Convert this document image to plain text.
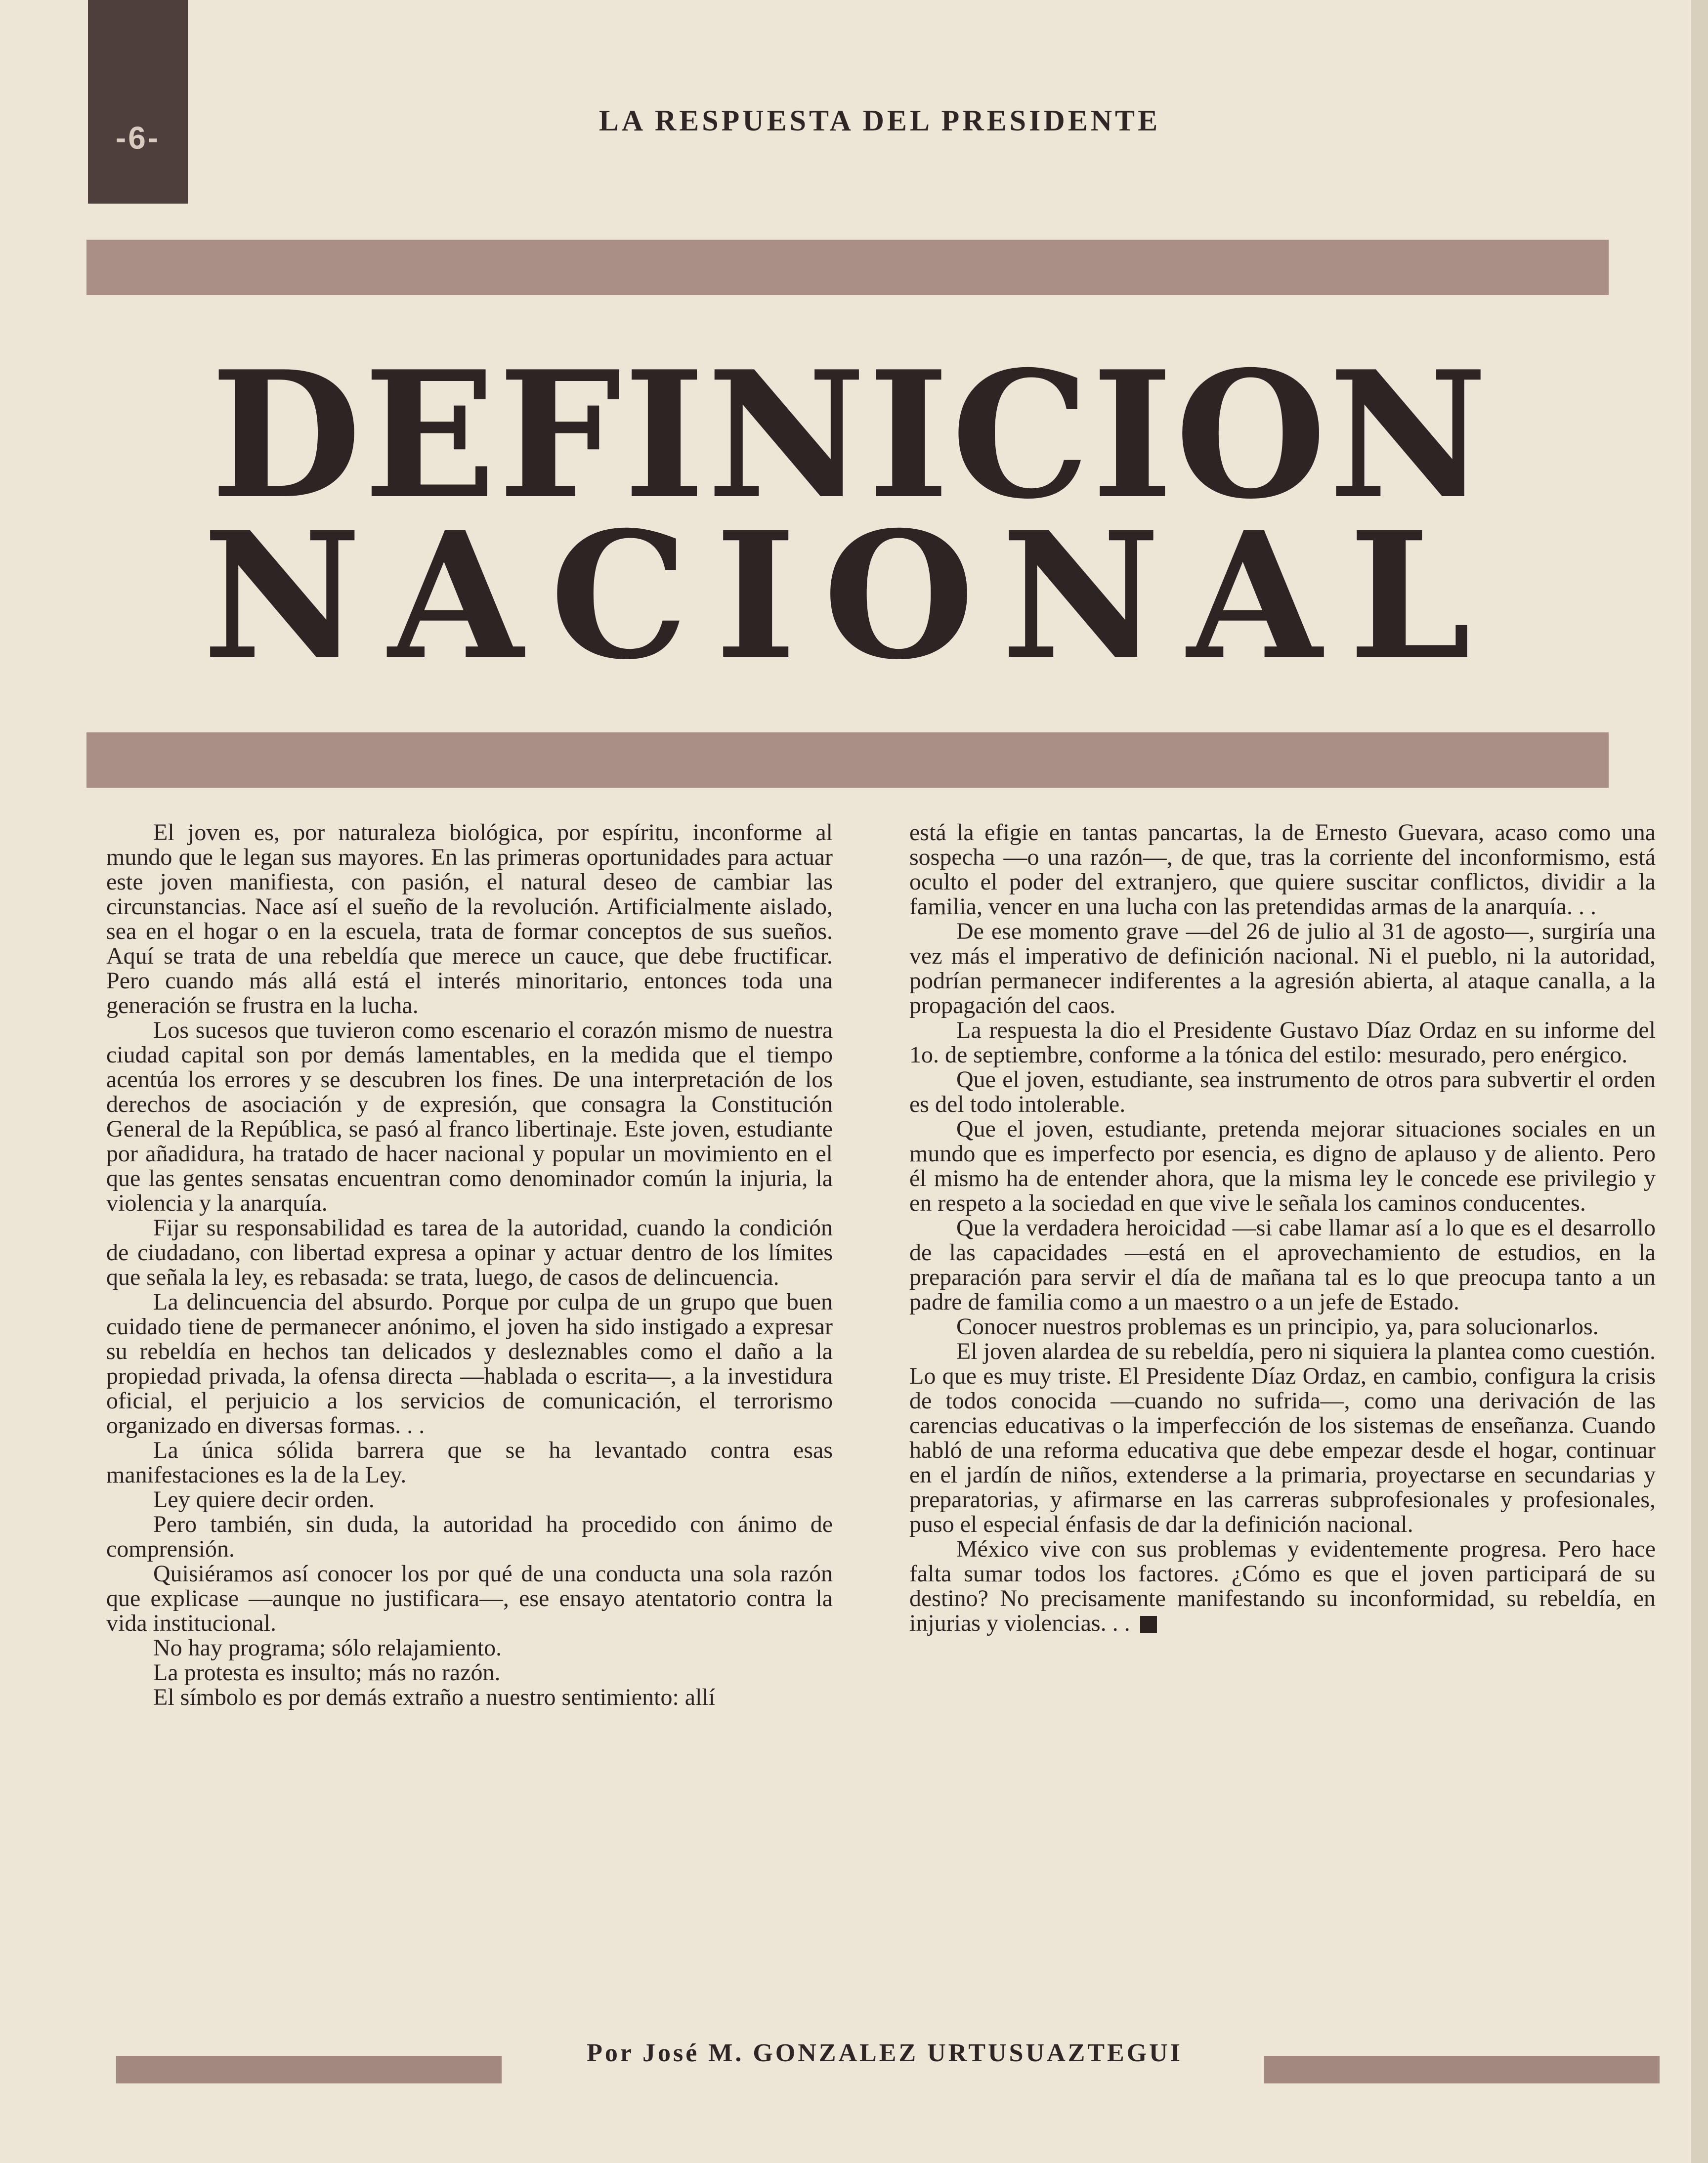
-6-	LA RESPUESTA DEL PRESIDENTE
DEFINICION
NACIONAL

El joven es, por naturaleza biológica, por espíritu, inconforme al mundo que le legan sus mayores. En las primeras oportunidades para actuar este joven manifiesta, con pasión, el natural deseo de cambiar las circunstancias. Nace así el sueño de la revolución. Artificialmente aislado, sea en el hogar o en la escuela, trata de formar conceptos de sus sueños. Aquí se trata de una rebeldía que merece un cauce, que debe fructificar. Pero cuando más allá está el interés minoritario, entonces toda una generación se frustra en la lucha.

Los sucesos que tuvieron como escenario el corazón mismo de nuestra ciudad capital son por demás lamentables, en la medida que el tiempo acentúa los errores y se descubren los fines. De una interpretación de los derechos de asociación y de expresión, que consagra la Constitución General de la República, se pasó al franco libertinaje. Este joven, estudiante por añadidura, ha tratado de hacer nacional y popular un movimiento en el que las gentes sensatas encuentran como denominador común la injuria, la violencia y la anarquía.

Fijar su responsabilidad es tarea de la autoridad, cuando la condición de ciudadano, con libertad expresa a opinar y actuar dentro de los límites que señala la ley, es rebasada: se trata, luego, de casos de delincuencia.

La delincuencia del absurdo. Porque por culpa de un grupo que buen cuidado tiene de permanecer anónimo, el joven ha sido instigado a expresar su rebeldía en hechos tan delicados y desleznables como el daño a la propiedad privada, la ofensa directa —hablada o escrita—, a la investidura oficial, el perjuicio a los servicios de comunicación, el terrorismo organizado en diversas formas. . .

La única sólida barrera que se ha levantado contra esas manifestaciones es la de la Ley.

Ley quiere decir orden.

Pero también, sin duda, la autoridad ha procedido con ánimo de comprensión.

Quisiéramos así conocer los por qué de una conducta una sola razón que explicase —aunque no justificara—, ese ensayo atentatorio contra la vida institucional.

No hay programa; sólo relajamiento.

La protesta es insulto; más no razón.

El símbolo es por demás extraño a nuestro sentimiento: allí

está la efigie en tantas pancartas, la de Ernesto Guevara, acaso como una sospecha —o una razón—, de que, tras la corriente del inconformismo, está oculto el poder del extranjero, que quiere suscitar conflictos, dividir a la familia, vencer en una lucha con las pretendidas armas de la anarquía. . .

De ese momento grave —del 26 de julio al 31 de agosto—, surgiría una vez más el imperativo de definición nacional. Ni el pueblo, ni la autoridad, podrían permanecer indiferentes a la agresión abierta, al ataque canalla, a la propagación del caos.

La respuesta la dio el Presidente Gustavo Díaz Ordaz en su informe del 1o. de septiembre, conforme a la tónica del estilo: mesurado, pero enérgico.

Que el joven, estudiante, sea instrumento de otros para subvertir el orden es del todo intolerable.

Que el joven, estudiante, pretenda mejorar situaciones sociales en un mundo que es imperfecto por esencia, es digno de aplauso y de aliento. Pero él mismo ha de entender ahora, que la misma ley le concede ese privilegio y en respeto a la sociedad en que vive le señala los caminos conducentes.

Que la verdadera heroicidad —si cabe llamar así a lo que es el desarrollo de las capacidades —está en el aprovechamiento de estudios, en la preparación para servir el día de mañana tal es lo que preocupa tanto a un padre de familia como a un maestro o a un jefe de Estado.

Conocer nuestros problemas es un principio, ya, para solucionarlos.

El joven alardea de su rebeldía, pero ni siquiera la plantea como cuestión. Lo que es muy triste. El Presidente Díaz Ordaz, en cambio, configura la crisis de todos conocida —cuando no sufrida—, como una derivación de las carencias educativas o la imperfección de los sistemas de enseñanza. Cuando habló de una reforma educativa que debe empezar desde el hogar, continuar en el jardín de niños, extenderse a la primaria, proyectarse en secundarias y preparatorias, y afirmarse en las carreras subprofesionales y profesionales, puso el especial énfasis de dar la definición nacional.

México vive con sus problemas y evidentemente progresa. Pero hace falta sumar todos los factores. ¿Cómo es que el joven participará de su destino? No precisamente manifestando su inconformidad, su rebeldía, en injurias y violencias. . .

Por José M. GONZALEZ URTUSUAZTEGUI
